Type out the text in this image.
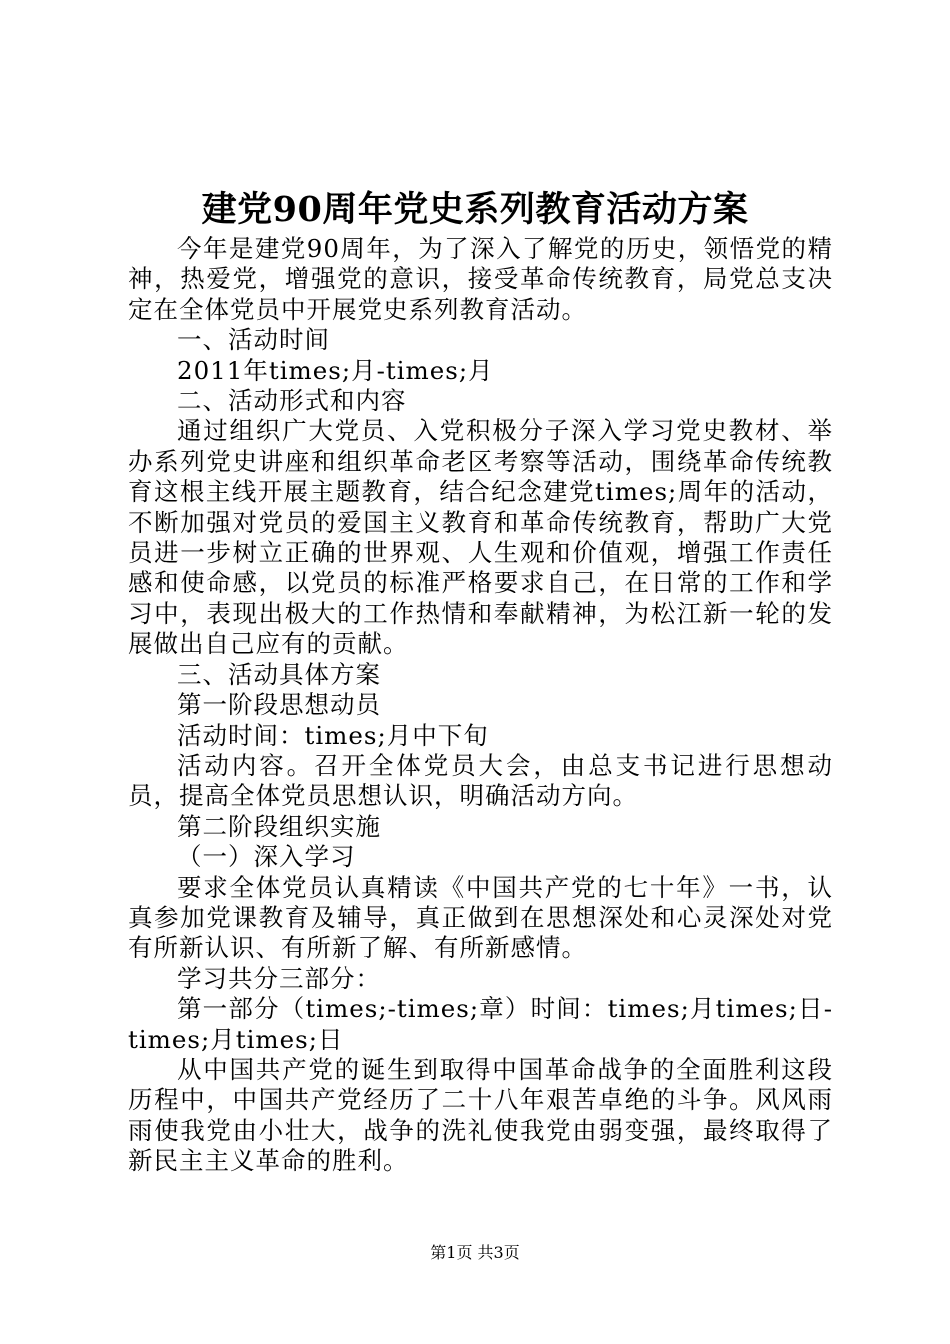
建党90周年党史系列教育活动方案

今年是建党90周年，为了深入了解党的历史，领悟党的精神，热爱党，增强党的意识，接受革命传统教育，局党总支决定在全体党员中开展党史系列教育活动。

一、活动时间

2011年times;月-times;月

二、活动形式和内容

通过组织广大党员、入党积极分子深入学习党史教材、举办系列党史讲座和组织革命老区考察等活动，围绕革命传统教育这根主线开展主题教育，结合纪念建党times;周年的活动，不断加强对党员的爱国主义教育和革命传统教育，帮助广大党员进一步树立正确的世界观、人生观和价值观，增强工作责任感和使命感，以党员的标准严格要求自己，在日常的工作和学习中，表现出极大的工作热情和奉献精神，为松江新一轮的发展做出自己应有的贡献。

三、活动具体方案

第一阶段思想动员

活动时间：times;月中下旬

活动内容。召开全体党员大会，由总支书记进行思想动员，提高全体党员思想认识，明确活动方向。

第二阶段组织实施

（一）深入学习

要求全体党员认真精读《中国共产党的七十年》一书，认真参加党课教育及辅导，真正做到在思想深处和心灵深处对党有所新认识、有所新了解、有所新感情。

学习共分三部分：

第一部分（times;-times;章）时间：times;月times;日-times;月times;日

从中国共产党的诞生到取得中国革命战争的全面胜利这段历程中，中国共产党经历了二十八年艰苦卓绝的斗争。风风雨雨使我党由小壮大，战争的洗礼使我党由弱变强，最终取得了新民主主义革命的胜利。

第1页 共3页
